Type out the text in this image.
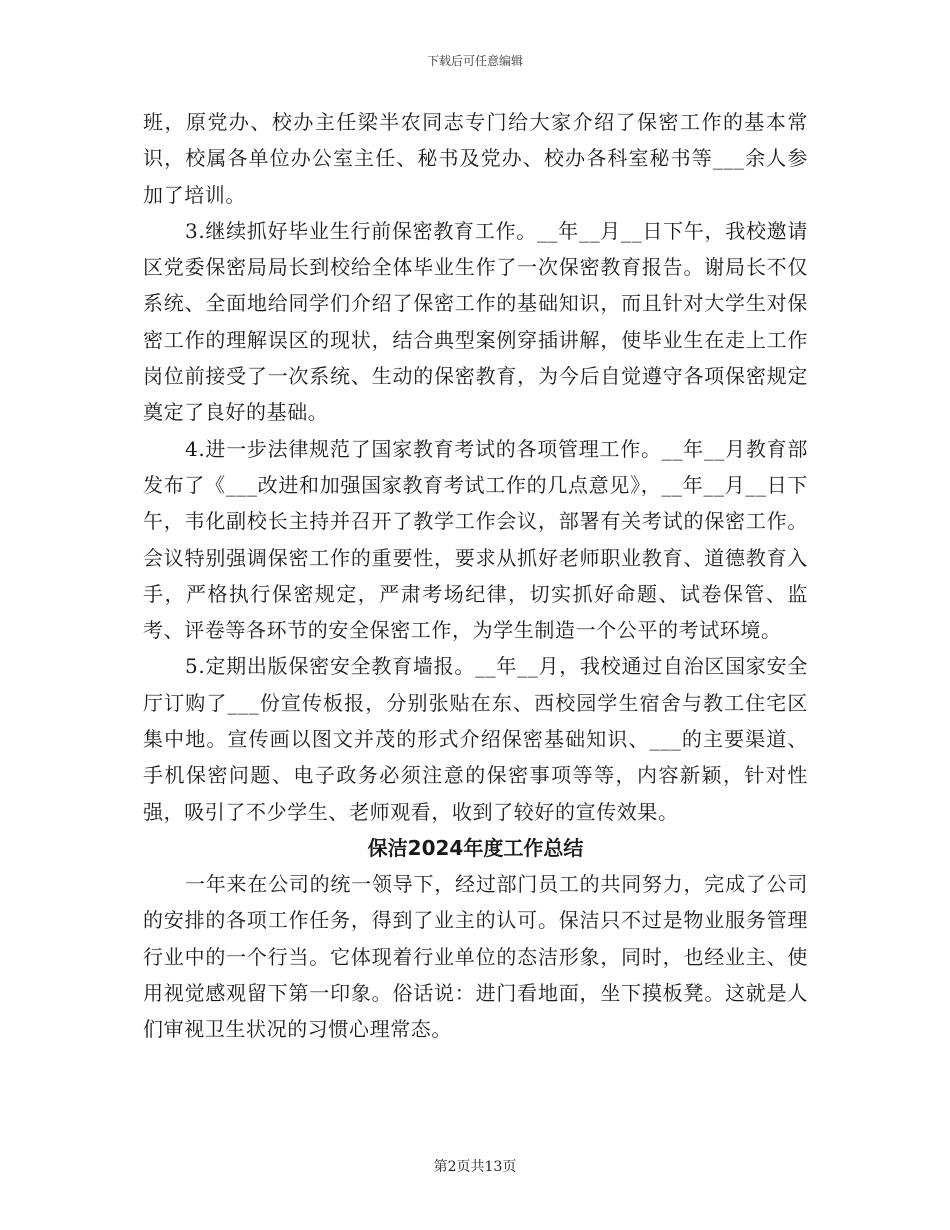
下载后可任意编辑

班，原党办、校办主任梁半农同志专门给大家介绍了保密工作的基本常识，校属各单位办公室主任、秘书及党办、校办各科室秘书等___余人参加了培训。

3.继续抓好毕业生行前保密教育工作。__年__月__日下午，我校邀请区党委保密局局长到校给全体毕业生作了一次保密教育报告。谢局长不仅系统、全面地给同学们介绍了保密工作的基础知识，而且针对大学生对保密工作的理解误区的现状，结合典型案例穿插讲解，使毕业生在走上工作岗位前接受了一次系统、生动的保密教育，为今后自觉遵守各项保密规定奠定了良好的基础。

4.进一步法律规范了国家教育考试的各项管理工作。__年__月教育部发布了《___改进和加强国家教育考试工作的几点意见》，__年__月__日下午，韦化副校长主持并召开了教学工作会议，部署有关考试的保密工作。会议特别强调保密工作的重要性，要求从抓好老师职业教育、道德教育入手，严格执行保密规定，严肃考场纪律，切实抓好命题、试卷保管、监考、评卷等各环节的安全保密工作，为学生制造一个公平的考试环境。

5.定期出版保密安全教育墙报。__年__月，我校通过自治区国家安全厅订购了___份宣传板报，分别张贴在东、西校园学生宿舍与教工住宅区集中地。宣传画以图文并茂的形式介绍保密基础知识、___的主要渠道、手机保密问题、电子政务必须注意的保密事项等等，内容新颖，针对性强，吸引了不少学生、老师观看，收到了较好的宣传效果。

保洁2024年度工作总结

一年来在公司的统一领导下，经过部门员工的共同努力，完成了公司的安排的各项工作任务，得到了业主的认可。保洁只不过是物业服务管理行业中的一个行当。它体现着行业单位的态洁形象，同时，也经业主、使用视觉感观留下第一印象。俗话说：进门看地面，坐下摸板凳。这就是人们审视卫生状况的习惯心理常态。

第2页共13页
